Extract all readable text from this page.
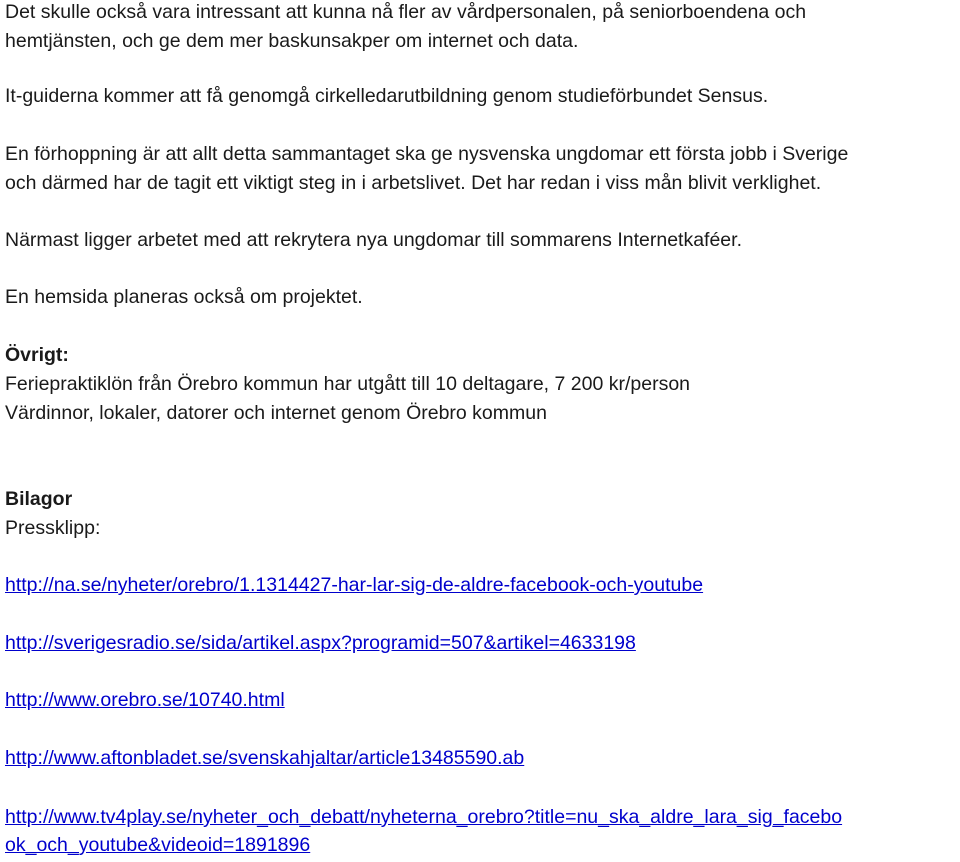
Det skulle också vara intressant att kunna nå fler av vårdpersonalen, på seniorboendena och
hemtjänsten, och ge dem mer baskunsakper om internet och data.

It-guiderna kommer att få genomgå cirkelledarutbildning genom studieförbundet Sensus.

En förhoppning är att allt detta sammantaget ska ge nysvenska ungdomar ett första jobb i Sverige
och därmed har de tagit ett viktigt steg in i arbetslivet. Det har redan i viss mån blivit verklighet.

Närmast ligger arbetet med att rekrytera nya ungdomar till sommarens Internetkaféer.

En hemsida planeras också om projektet.

Övrigt:

Feriepraktiklön från Örebro kommun har utgått till 10 deltagare, 7 200 kr/person

Värdinnor, lokaler, datorer och internet genom Örebro kommun

Bilagor

Pressklipp:

http://na.se/nyheter/orebro/1.1314427-har-lar-sig-de-aldre-facebook-och-youtube
http://sverigesradio.se/sida/artikel.aspx?programid=507&artikel=4633198
http://www.orebro.se/10740.html
http://www.aftonbladet.se/svenskahjaltar/article13485590.ab
http://www.tv4play.se/nyheter_och_debatt/nyheterna_orebro?title=nu_ska_aldre_lara_sig_facebo
ok_och_youtube&videoid=1891896
